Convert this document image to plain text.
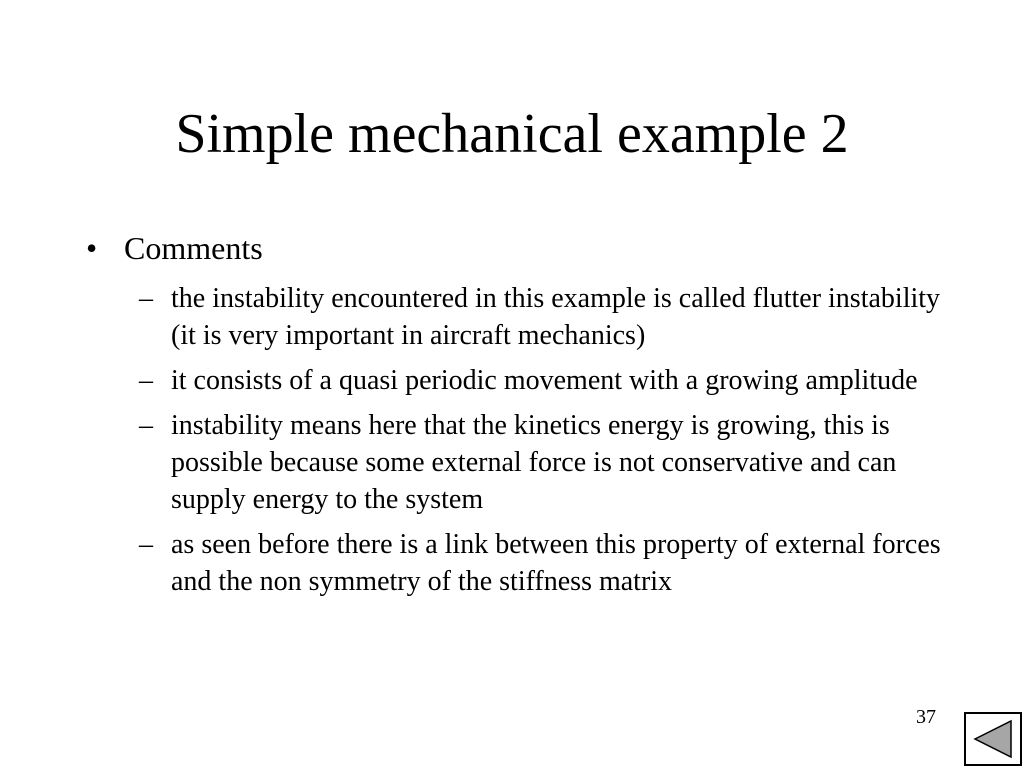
Simple mechanical example 2
• Comments
– the instability encountered in this example is called flutter instability (it is very important in aircraft mechanics)
– it consists of a quasi periodic movement with a growing amplitude
– instability means here that the kinetics energy is growing, this is possible because some external force is not conservative and can supply energy to the system
– as seen before there is a link between this property of external forces and the non symmetry of the stiffness matrix
37
